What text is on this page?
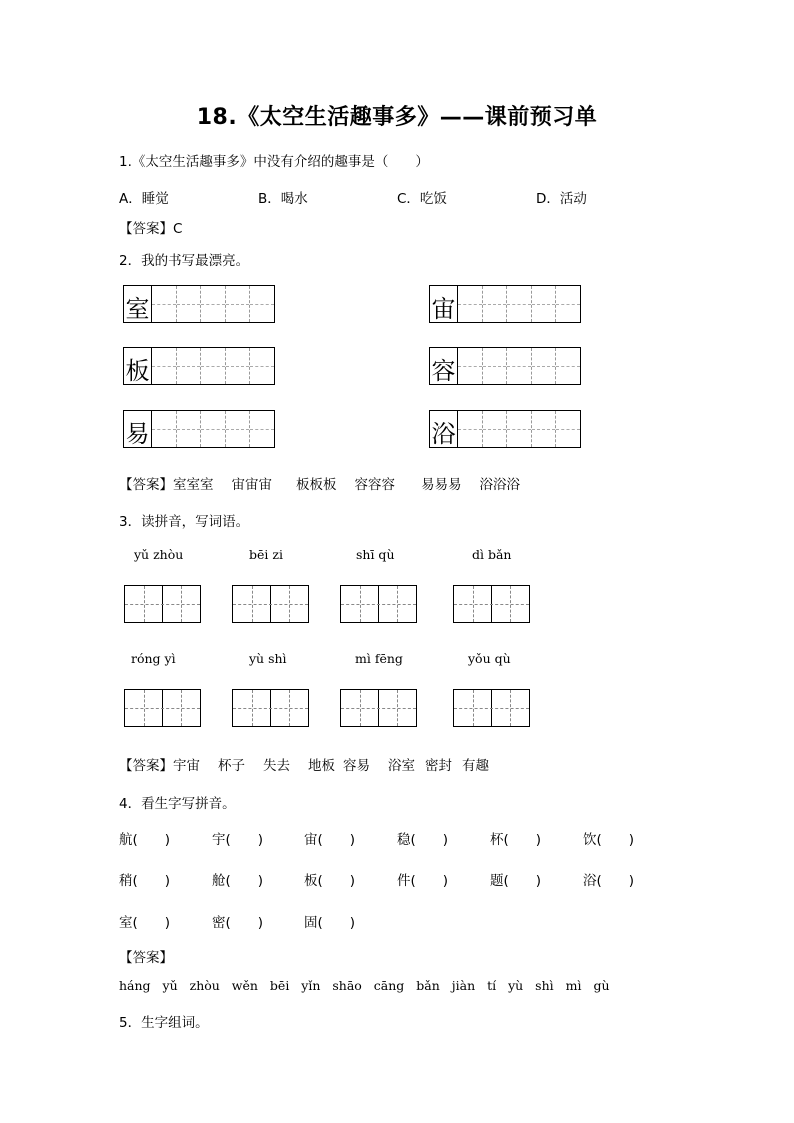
18.《太空生活趣事多》——课前预习单
1.《太空生活趣事多》中没有介绍的趣事是（　　）
A．睡觉	B．喝水	C．吃饭	D．活动
【答案】C
2．我的书写最漂亮。
室	宙
板	容
易	浴
【答案】室室室 宙宙宙 板板板 容容容 易易易 浴浴浴
3．读拼音，写词语。
yǔ zhòu	bēi zi	shī qù	dì bǎn
róng yì	yù shì	mì fēng	yǒu qù
【答案】宇宙 杯子 失去 地板 容易 浴室 密封 有趣
4．看生字写拼音。
航(　　)	宇(　　)	宙(　　)	稳(　　)	杯(　　)	饮(　　)
稍(　　)	舱(　　)	板(　　)	件(　　)	题(　　)	浴(　　)
室(　　)	密(　　)	固(　　)
【答案】
háng yǔ zhòu wěn bēi yǐn shāo cāng bǎn jiàn tí yù shì mì gù
5．生字组词。
